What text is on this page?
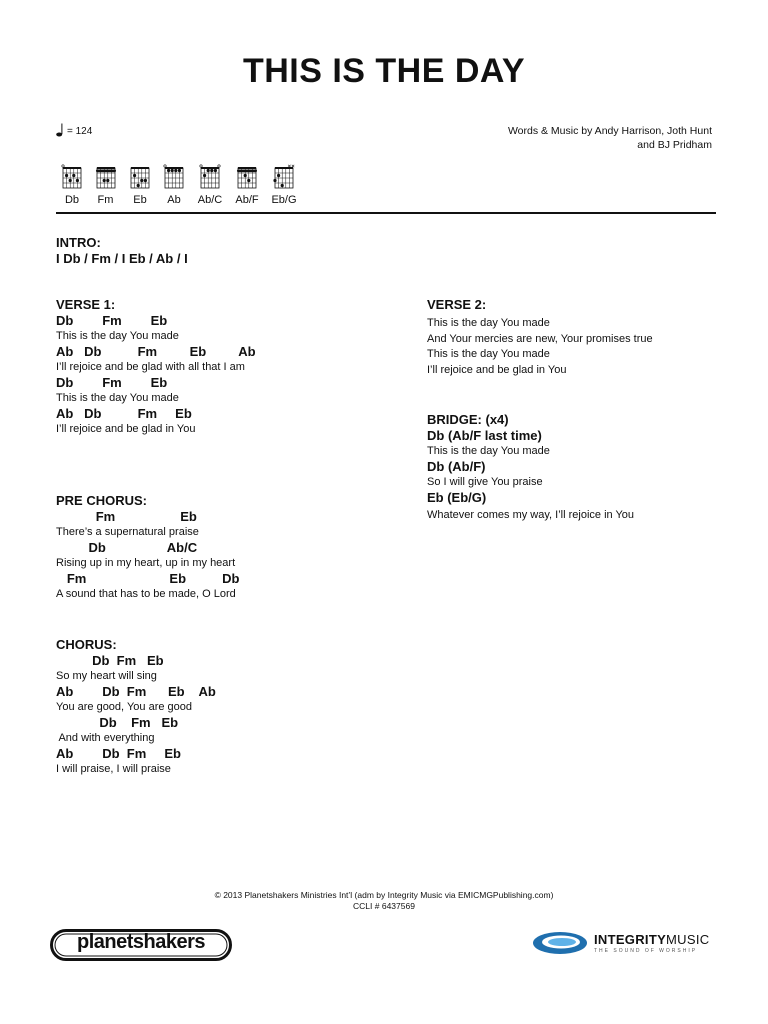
THIS IS THE DAY
= 124	Words & Music by Andy Harrison, Joth Hunt
and BJ Pridham
Db Fm Eb Ab Ab/C Ab/F Eb/G
INTRO:
I Db / Fm / I Eb / Ab / I
VERSE 1:
Db        Fm        Eb
This is the day You made
Ab   Db          Fm         Eb         Ab
I’ll rejoice and be glad with all that I am
Db        Fm        Eb
This is the day You made
Ab   Db          Fm     Eb
I’ll rejoice and be glad in You
PRE CHORUS:
Fm                  Eb
There’s a supernatural praise
Db                 Ab/C
Rising up in my heart, up in my heart
Fm                       Eb          Db
A sound that has to be made, O Lord
CHORUS:
Db  Fm   Eb
So my heart will sing
Ab        Db  Fm      Eb    Ab
You are good, You are good
Db    Fm   Eb
And with everything
Ab        Db  Fm     Eb
I will praise, I will praise
VERSE 2:
This is the day You made
And Your mercies are new, Your promises true
This is the day You made
I’ll rejoice and be glad in You
BRIDGE: (x4)
Db (Ab/F last time)
This is the day You made
Db (Ab/F)
So I will give You praise
Eb (Eb/G)
Whatever comes my way, I’ll rejoice in You
© 2013 Planetshakers Ministries Int’l (adm by Integrity Music via EMICMGPublishing.com)
CCLI # 6437569
planetshakers	INTEGRITYMUSIC
THE SOUND OF WORSHIP
